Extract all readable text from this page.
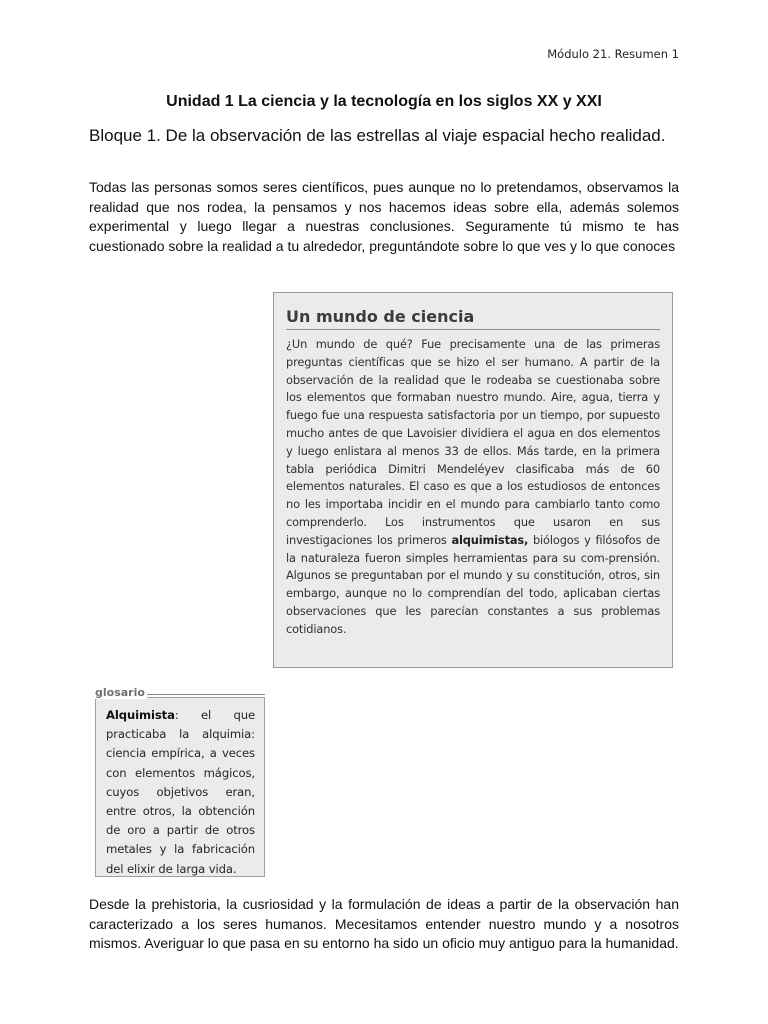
Módulo 21. Resumen 1
Unidad 1 La ciencia y la tecnología en los siglos XX y XXI
Bloque 1. De la observación de las estrellas al viaje espacial hecho realidad.
Todas las personas somos seres científicos, pues aunque no lo pretendamos, observamos la realidad que nos rodea, la pensamos y nos hacemos ideas sobre ella, además solemos experimental y luego llegar a nuestras conclusiones. Seguramente tú mismo te has cuestionado sobre la realidad a tu alrededor, preguntándote sobre lo que ves y lo que conoces
Un mundo de ciencia
¿Un mundo de qué? Fue precisamente una de las primeras preguntas científicas que se hizo el ser humano. A partir de la observación de la realidad que le rodeaba se cuestionaba sobre los elementos que formaban nuestro mundo. Aire, agua, tierra y fuego fue una respuesta satisfactoria por un tiempo, por supuesto mucho antes de que Lavoisier dividiera el agua en dos elementos y luego enlistara al menos 33 de ellos. Más tarde, en la primera tabla periódica Dimitri Mendeléyev clasificaba más de 60 elementos naturales. El caso es que a los estudiosos de entonces no les importaba incidir en el mundo para cambiarlo tanto como comprenderlo. Los instrumentos que usaron en sus investigaciones los primeros alquimistas, biólogos y filósofos de la naturaleza fueron simples herramientas para su com-prensión. Algunos se preguntaban por el mundo y su constitución, otros, sin embargo, aunque no lo comprendían del todo, aplicaban ciertas observaciones que les parecían constantes a sus problemas cotidianos.
glosario
Alquimista: el que practicaba la alquimia: ciencia empírica, a veces con elementos mágicos, cuyos objetivos eran, entre otros, la obtención de oro a partir de otros metales y la fabricación del elixir de larga vida.
Desde la prehistoria, la cusriosidad y la formulación de ideas a partir de la observación han caracterizado a los seres humanos. Mecesitamos entender nuestro mundo y a nosotros mismos. Averiguar lo que pasa en su entorno ha sido un oficio muy antiguo para la humanidad.
